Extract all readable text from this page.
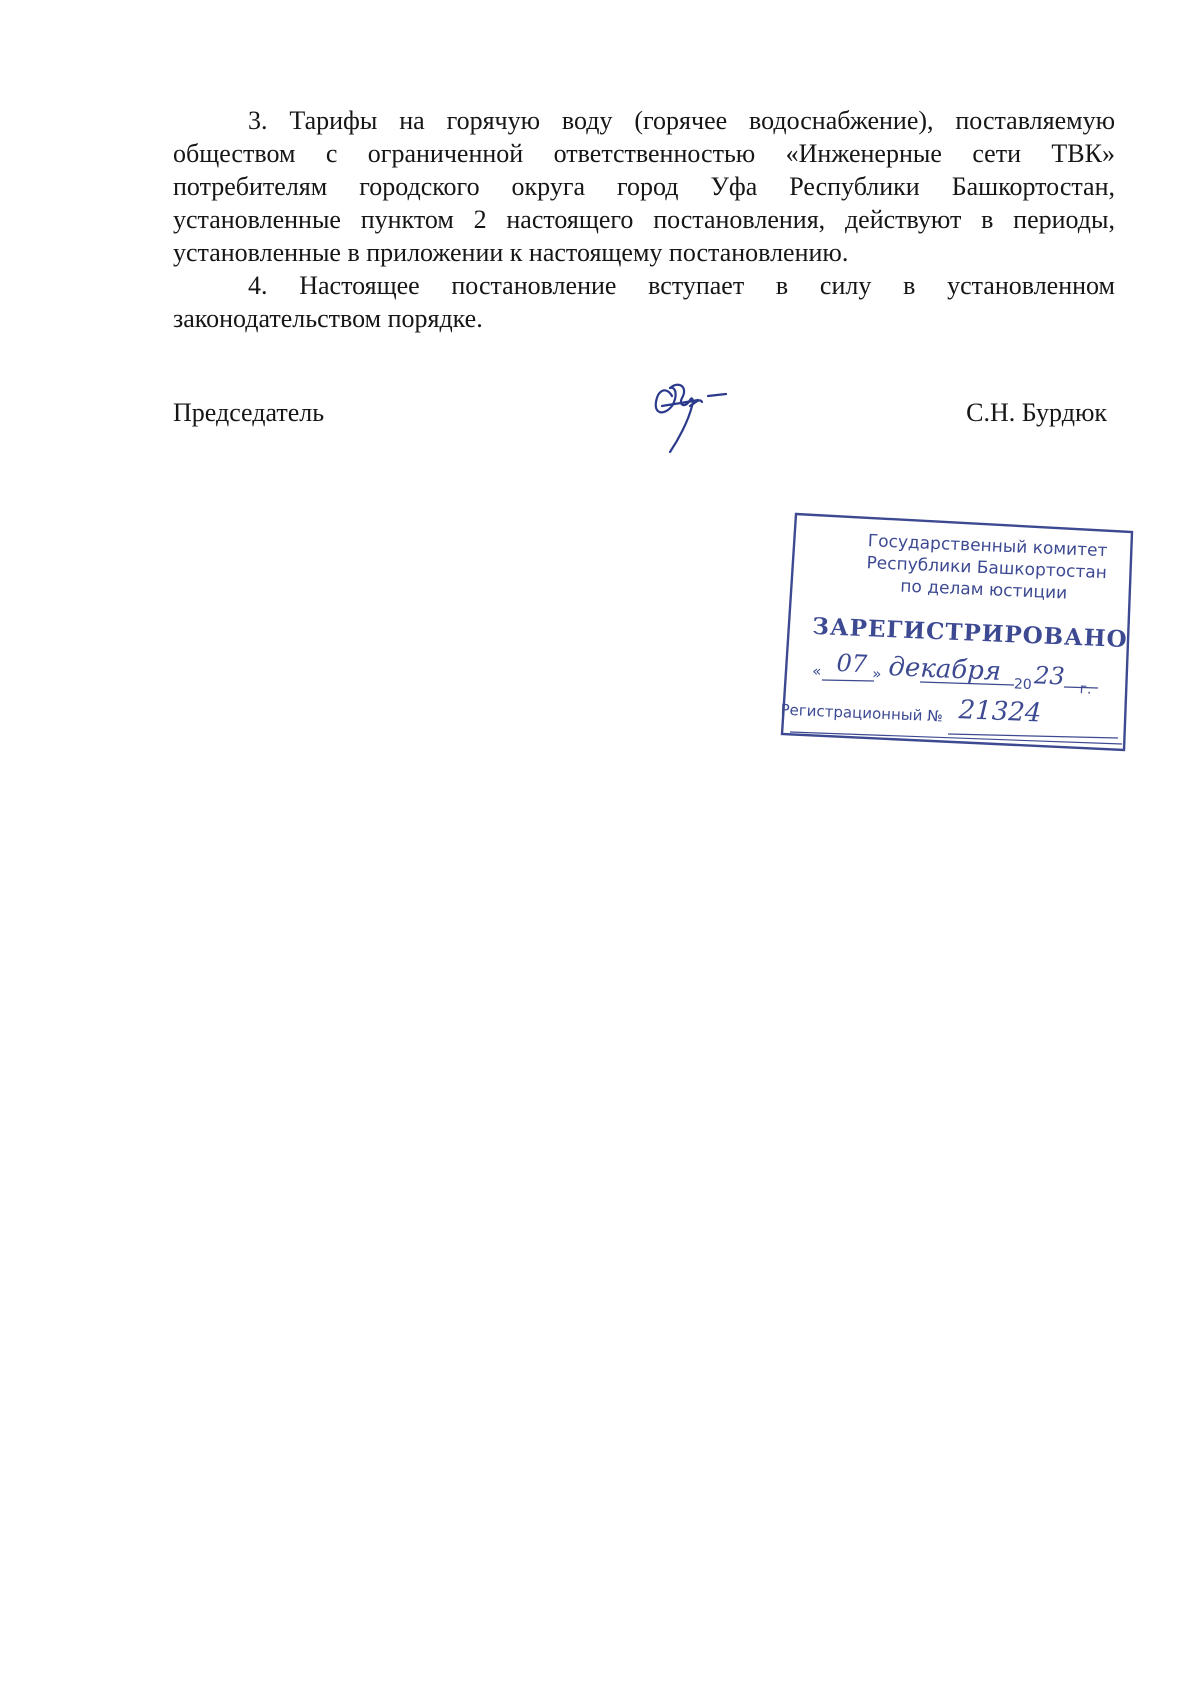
3. Тарифы на горячую воду (горячее водоснабжение), поставляемую обществом с ограниченной ответственностью «Инженерные сети ТВК» потребителям городского округа город Уфа Республики Башкортостан, установленные пунктом 2 настоящего постановления, действуют в периоды, установленные в приложении к настоящему постановлению.

4. Настоящее постановление вступает в силу в установленном законодательством порядке.

Председатель	С.Н. Бурдюк
Государственный комитет
Республики Башкортостан
по делам юстиции
ЗАРЕГИСТРИРОВАНО
« 07 » декабря 20 23 г.
Регистрационный № 21324
